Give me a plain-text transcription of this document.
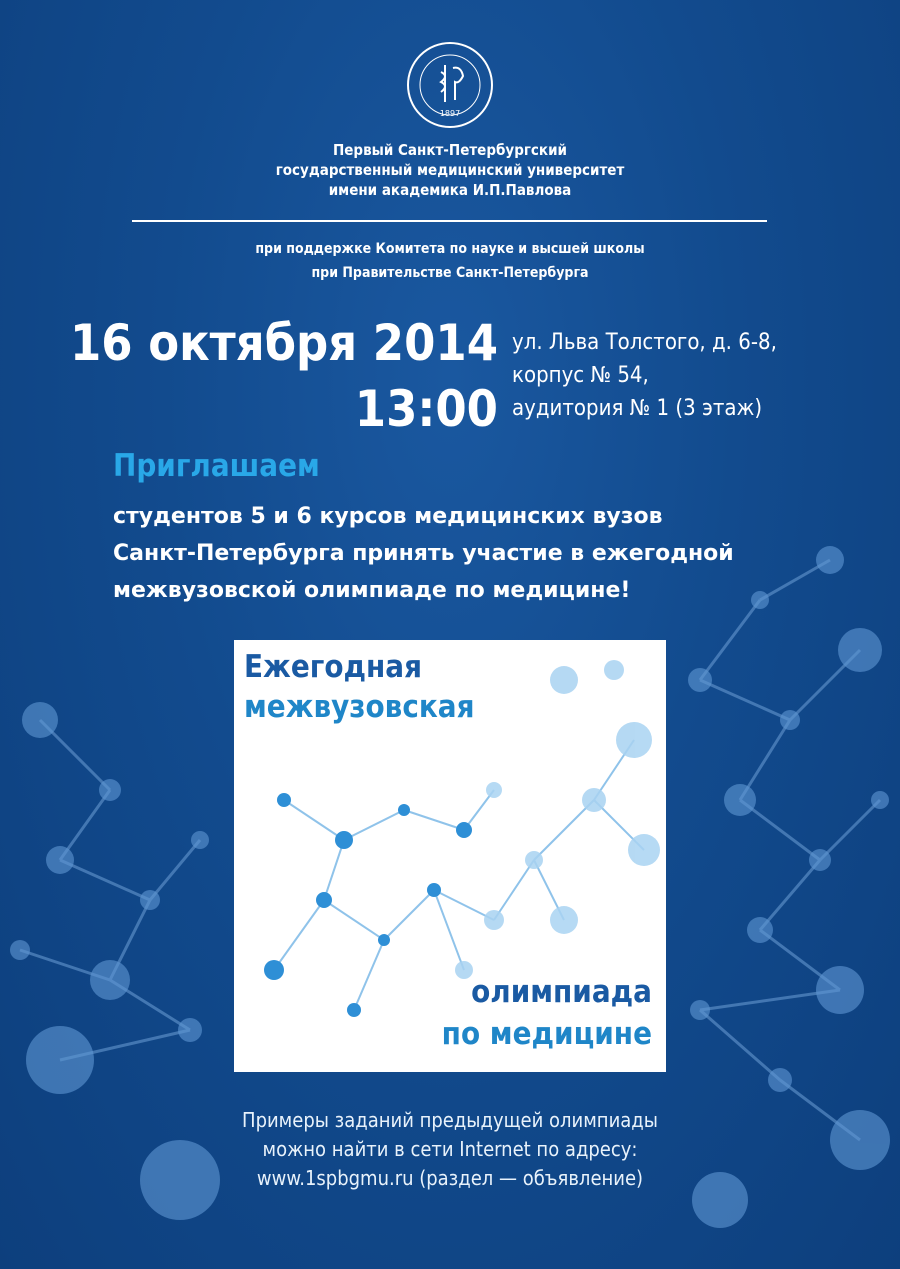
1897
Первый Санкт-Петербургский
государственный медицинский университет
имени академика И.П.Павлова
при поддержке Комитета по науке и высшей школы
при Правительстве Санкт-Петербурга
16 октября 2014
13:00
ул. Льва Толстого, д. 6-8,
корпус № 54,
аудитория № 1 (3 этаж)
Приглашаем
студентов 5 и 6 курсов медицинских вузов
Санкт-Петербурга принять участие в ежегодной
межвузовской олимпиаде по медицине!
Ежегодная
межвузовская
олимпиада
по медицине
Примеры заданий предыдущей олимпиады
можно найти в сети Internet по адресу:
www.1spbgmu.ru (раздел — объявление)
